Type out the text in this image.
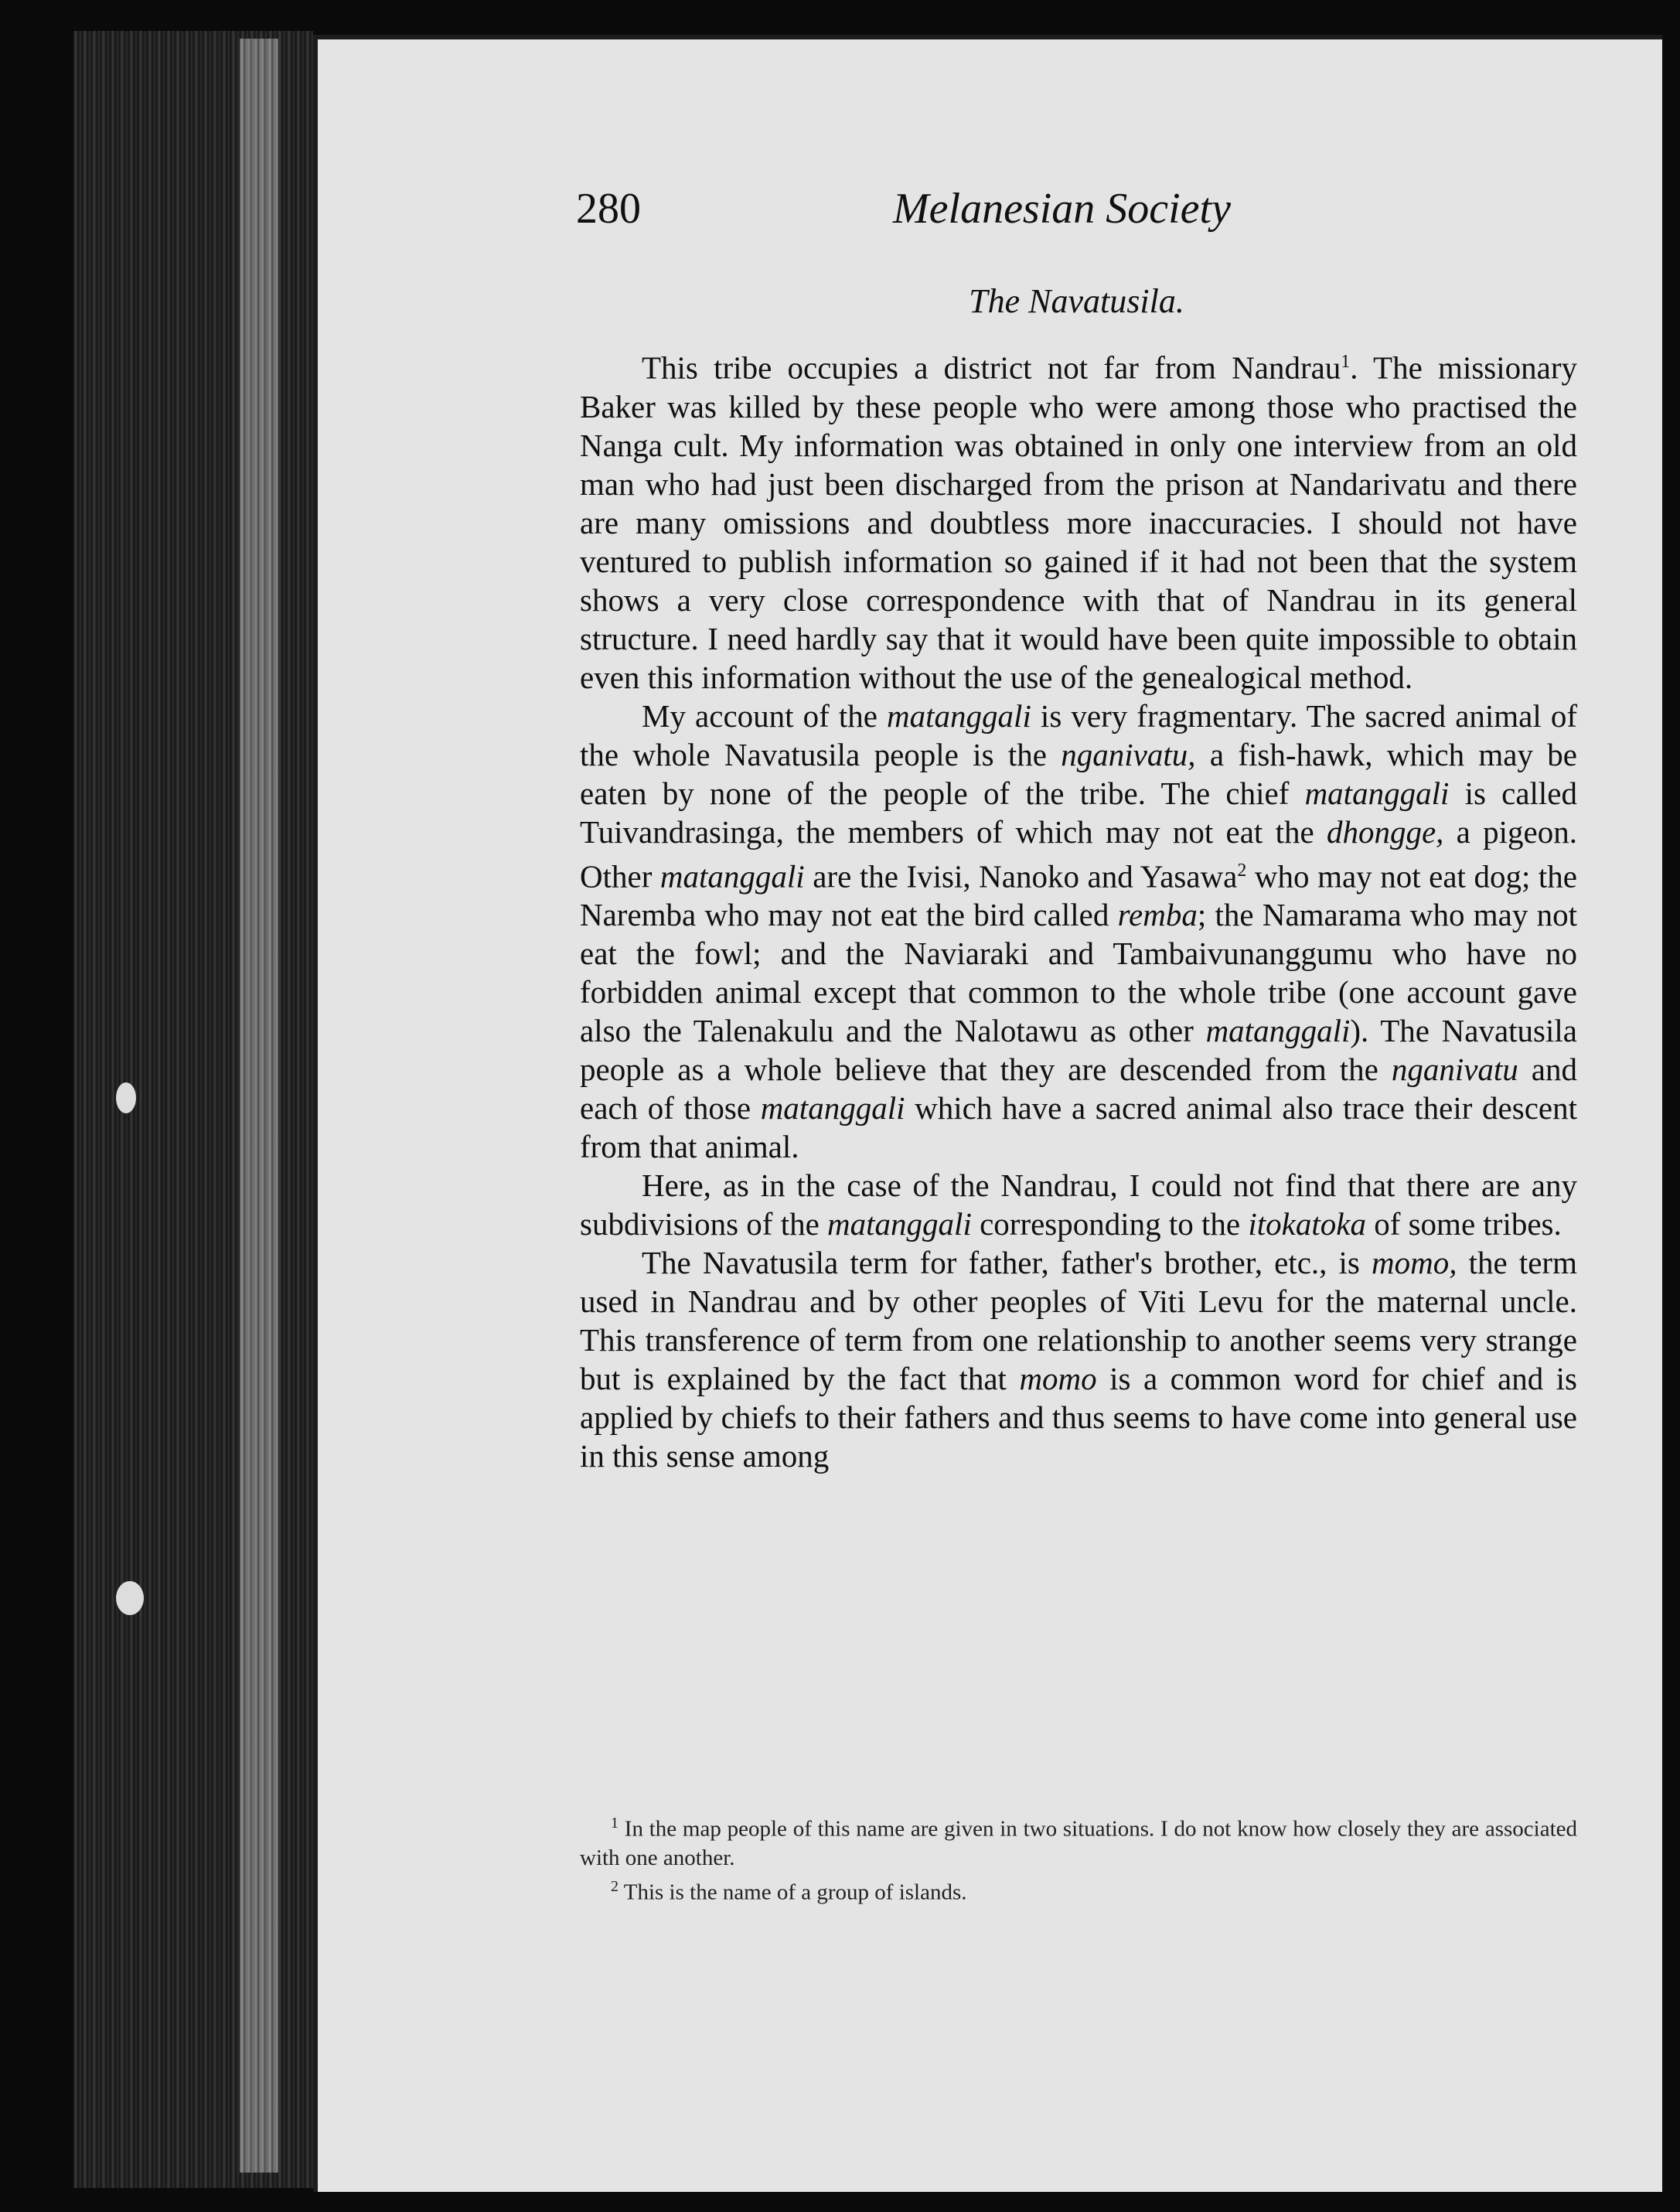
280	Melanesian Society
The Navatusila.

This tribe occupies a district not far from Nandrau$^1$. The missionary Baker was killed by these people who were among those who practised the Nanga cult. My information was obtained in only one interview from an old man who had just been discharged from the prison at Nandarivatu and there are many omissions and doubtless more inaccuracies. I should not have ventured to publish information so gained if it had not been that the system shows a very close correspondence with that of Nandrau in its general structure. I need hardly say that it would have been quite impossible to obtain even this information without the use of the genealogical method.

My account of the matanggali is very fragmentary. The sacred animal of the whole Navatusila people is the nganivatu, a fish-hawk, which may be eaten by none of the people of the tribe. The chief matanggali is called Tuivandrasinga, the members of which may not eat the dhongge, a pigeon. Other matanggali are the Ivisi, Nanoko and Yasawa$^2$ who may not eat dog; the Naremba who may not eat the bird called remba; the Namarama who may not eat the fowl; and the Naviaraki and Tambaivunanggumu who have no forbidden animal except that common to the whole tribe (one account gave also the Talenakulu and the Nalotawu as other matanggali). The Navatusila people as a whole believe that they are descended from the nganivatu and each of those matanggali which have a sacred animal also trace their descent from that animal.

Here, as in the case of the Nandrau, I could not find that there are any subdivisions of the matanggali corresponding to the itokatoka of some tribes.

The Navatusila term for father, father's brother, etc., is momo, the term used in Nandrau and by other peoples of Viti Levu for the maternal uncle. This transference of term from one relationship to another seems very strange but is explained by the fact that momo is a common word for chief and is applied by chiefs to their fathers and thus seems to have come into general use in this sense among

$^1$ In the map people of this name are given in two situations. I do not know how closely they are associated with one another.

$^2$ This is the name of a group of islands.
